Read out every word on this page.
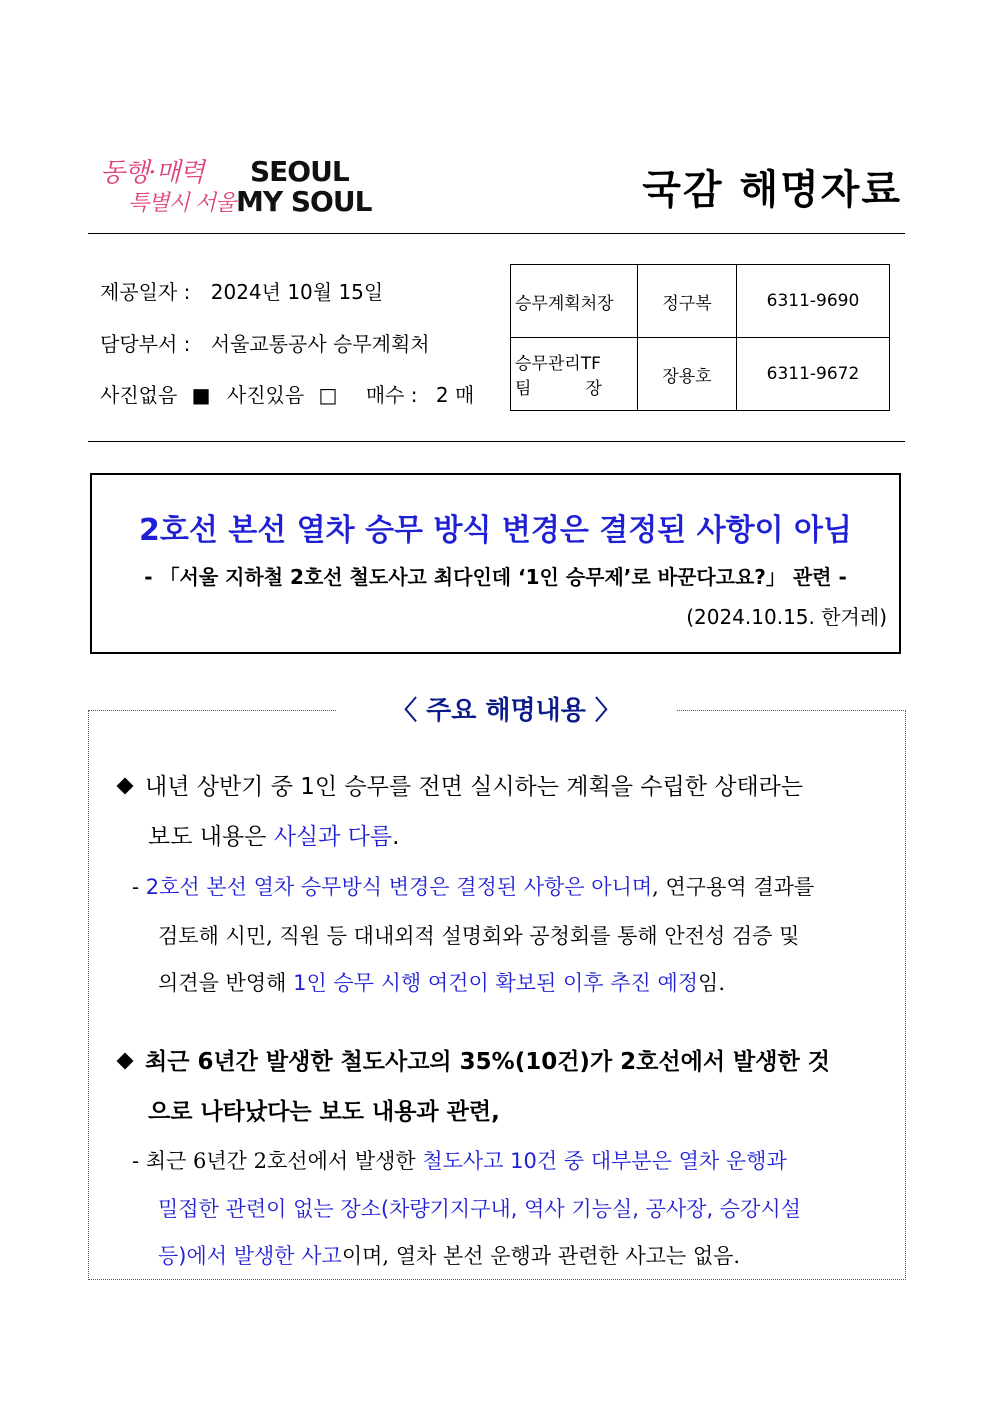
동행·매력
특별시 서울
SEOUL
MY SOUL	국감 해명자료
제공일자 : 2024년 10월 15일
담당부서 : 서울교통공사 승무계획처
사진없음 ■ 사진있음 □ 매수 : 2 매
승무계획처장	정구복	6311-9690

승무관리TF
팀          장	장용호	6311-9672
2호선 본선 열차 승무 방식 변경은 결정된 사항이 아님
- 「서울 지하철 2호선 철도사고 최다인데 ‘1인 승무제’로 바꾼다고요?」 관련 -
(2024.10.15. 한겨레)
〈 주요 해명내용 〉
내년 상반기 중 1인 승무를 전면 실시하는 계획을 수립한 상태라는
보도 내용은 사실과 다름.
- 2호선 본선 열차 승무방식 변경은 결정된 사항은 아니며, 연구용역 결과를
검토해 시민, 직원 등 대내외적 설명회와 공청회를 통해 안전성 검증 및
의견을 반영해 1인 승무 시행 여건이 확보된 이후 추진 예정임.
최근 6년간 발생한 철도사고의 35%(10건)가 2호선에서 발생한 것
으로 나타났다는 보도 내용과 관련,
- 최근 6년간 2호선에서 발생한 철도사고 10건 중 대부분은 열차 운행과
밀접한 관련이 없는 장소(차량기지구내, 역사 기능실, 공사장, 승강시설
등)에서 발생한 사고이며, 열차 본선 운행과 관련한 사고는 없음.
